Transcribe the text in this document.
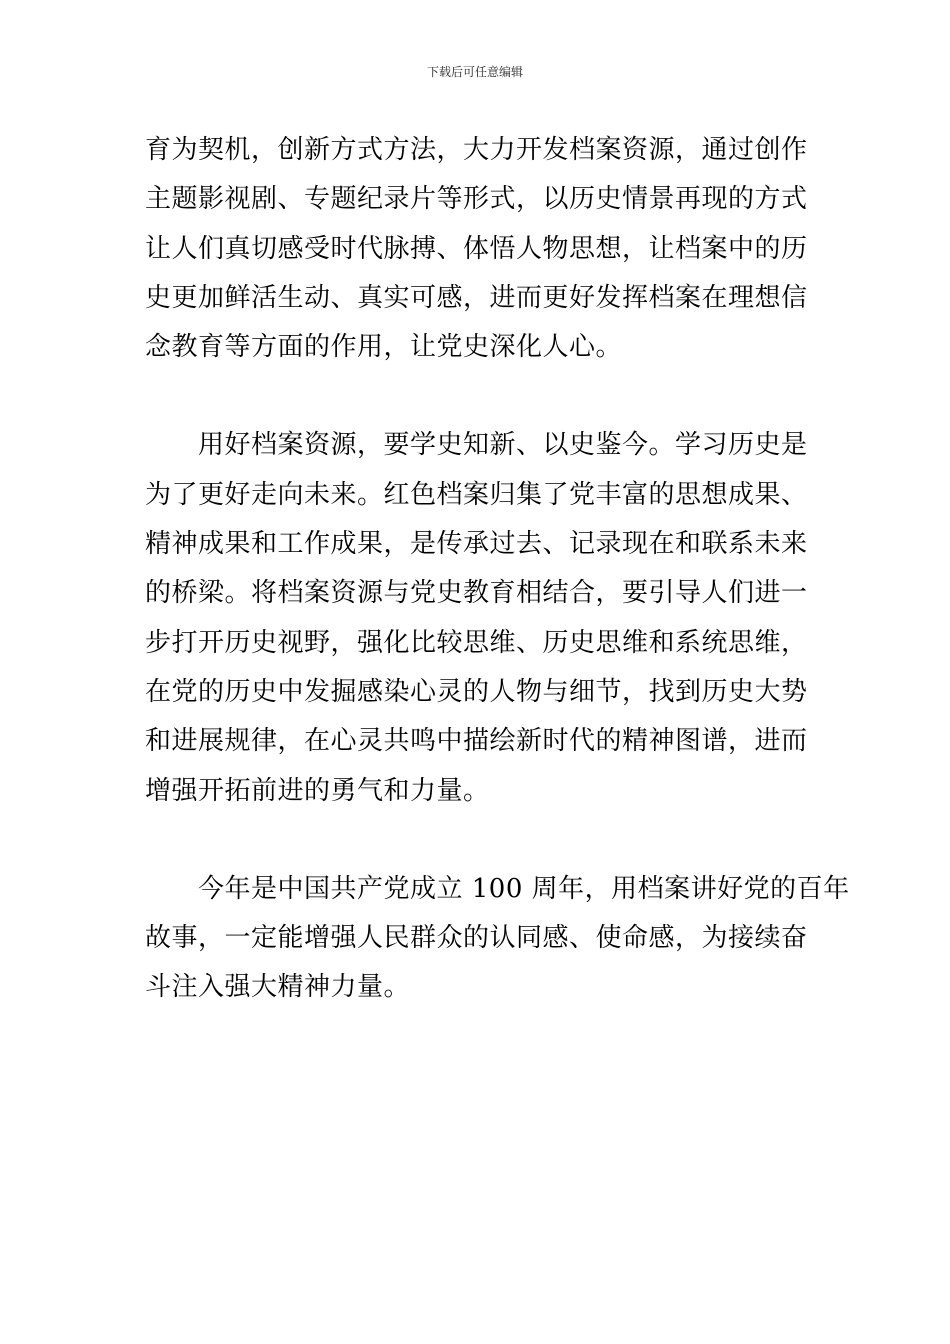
下载后可任意编辑
育为契机，创新方式方法，大力开发档案资源，通过创作
主题影视剧、专题纪录片等形式，以历史情景再现的方式
让人们真切感受时代脉搏、体悟人物思想，让档案中的历
史更加鲜活生动、真实可感，进而更好发挥档案在理想信
念教育等方面的作用，让党史深化人心。
　　用好档案资源，要学史知新、以史鉴今。学习历史是
为了更好走向未来。红色档案归集了党丰富的思想成果、
精神成果和工作成果，是传承过去、记录现在和联系未来
的桥梁。将档案资源与党史教育相结合，要引导人们进一
步打开历史视野，强化比较思维、历史思维和系统思维，
在党的历史中发掘感染心灵的人物与细节，找到历史大势
和进展规律，在心灵共鸣中描绘新时代的精神图谱，进而
增强开拓前进的勇气和力量。
　　今年是中国共产党成立 100 周年，用档案讲好党的百年
故事，一定能增强人民群众的认同感、使命感，为接续奋
斗注入强大精神力量。
